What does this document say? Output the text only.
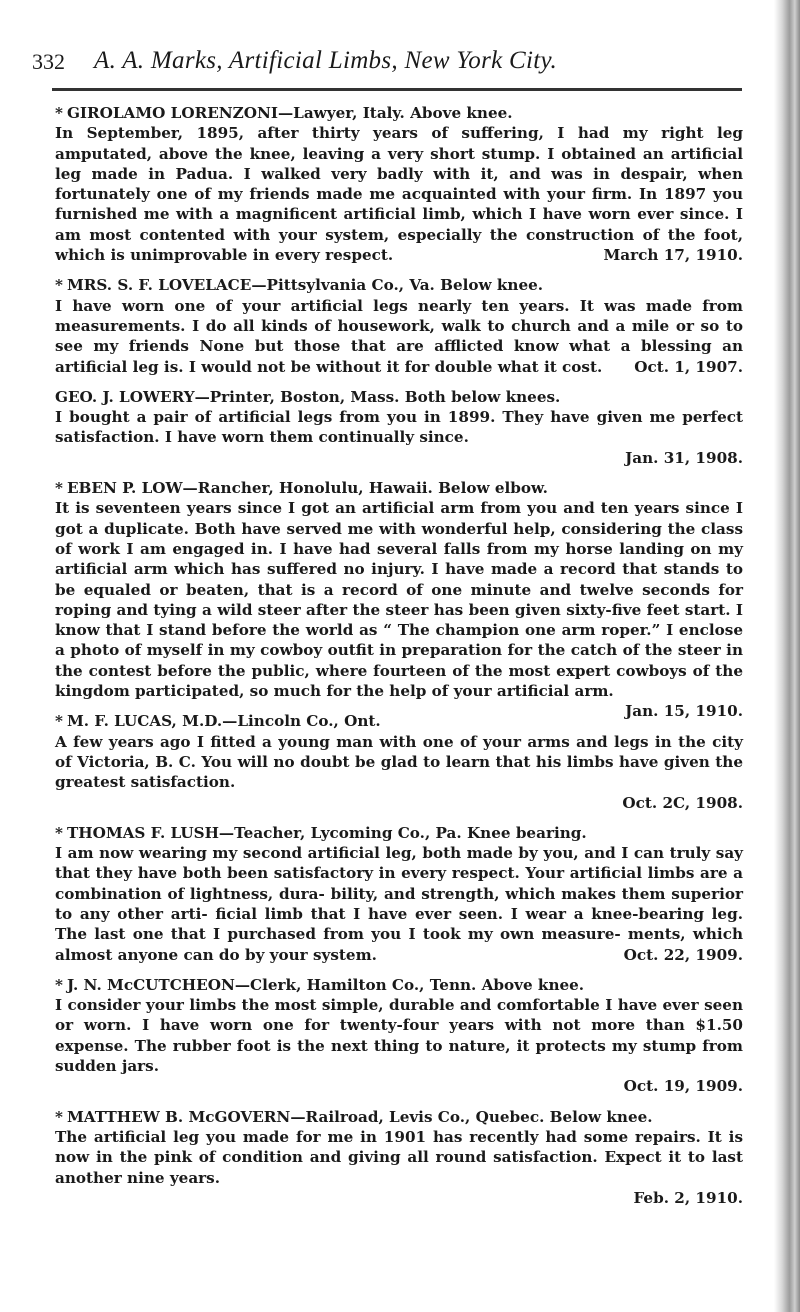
332 A. A. Marks, Artificial Limbs, New York City.

* GIROLAMO LORENZONI—Lawyer, Italy. Above knee.

In September, 1895, after thirty years of suffering, I had my right leg amputated, above the knee, leaving a very short stump. I obtained an artificial leg made in Padua. I walked very badly with it, and was in despair, when fortunately one of my friends made me acquainted with your firm. In 1897 you furnished me with a magnificent artificial limb, which I have worn ever since. I am most contented with your system, especially the construction of the foot, which is unimprovable in every respect.	March 17, 1910.

* MRS. S. F. LOVELACE—Pittsylvania Co., Va. Below knee.

I have worn one of your artificial legs nearly ten years. It was made from measurements. I do all kinds of housework, walk to church and a mile or so to see my friends None but those that are afflicted know what a blessing an artificial leg is. I would not be without it for double what it cost. Oct. 1, 1907.

GEO. J. LOWERY—Printer, Boston, Mass. Both below knees.

I bought a pair of artificial legs from you in 1899. They have given me perfect satisfaction. I have worn them continually since.

Jan. 31, 1908.

* EBEN P. LOW—Rancher, Honolulu, Hawaii. Below elbow.

It is seventeen years since I got an artificial arm from you and ten years since I got a duplicate. Both have served me with wonderful help, considering the class of work I am engaged in. I have had several falls from my horse landing on my artificial arm which has suffered no injury. I have made a record that stands to be equaled or beaten, that is a record of one minute and twelve seconds for roping and tying a wild steer after the steer has been given sixty-five feet start. I know that I stand before the world as “ The champion one arm roper.” I enclose a photo of myself in my cowboy outfit in preparation for the catch of the steer in the contest before the public, where fourteen of the most expert cowboys of the kingdom participated, so much for the help of your artificial arm.
Jan. 15, 1910.

* M. F. LUCAS, M.D.—Lincoln Co., Ont.

A few years ago I fitted a young man with one of your arms and legs in the city of Victoria, B. C. You will no doubt be glad to learn that his limbs have given the greatest satisfaction.

Oct. 2C, 1908.

* THOMAS F. LUSH—Teacher, Lycoming Co., Pa. Knee bearing.

I am now wearing my second artificial leg, both made by you, and I can truly say that they have both been satisfactory in every respect. Your artificial limbs are a combination of lightness, dura- bility, and strength, which makes them superior to any other arti- ficial limb that I have ever seen. I wear a knee-bearing leg. The last one that I purchased from you I took my own measure- ments, which almost anyone can do by your system.	Oct. 22, 1909.

* J. N. McCUTCHEON—Clerk, Hamilton Co., Tenn. Above knee.

I consider your limbs the most simple, durable and comfortable I have ever seen or worn. I have worn one for twenty-four years with not more than $1.50 expense. The rubber foot is the next thing to nature, it protects my stump from sudden jars.

Oct. 19, 1909.

* MATTHEW B. McGOVERN—Railroad, Levis Co., Quebec. Below knee.

The artificial leg you made for me in 1901 has recently had some repairs. It is now in the pink of condition and giving all round satisfaction. Expect it to last another nine years.

Feb. 2, 1910.
